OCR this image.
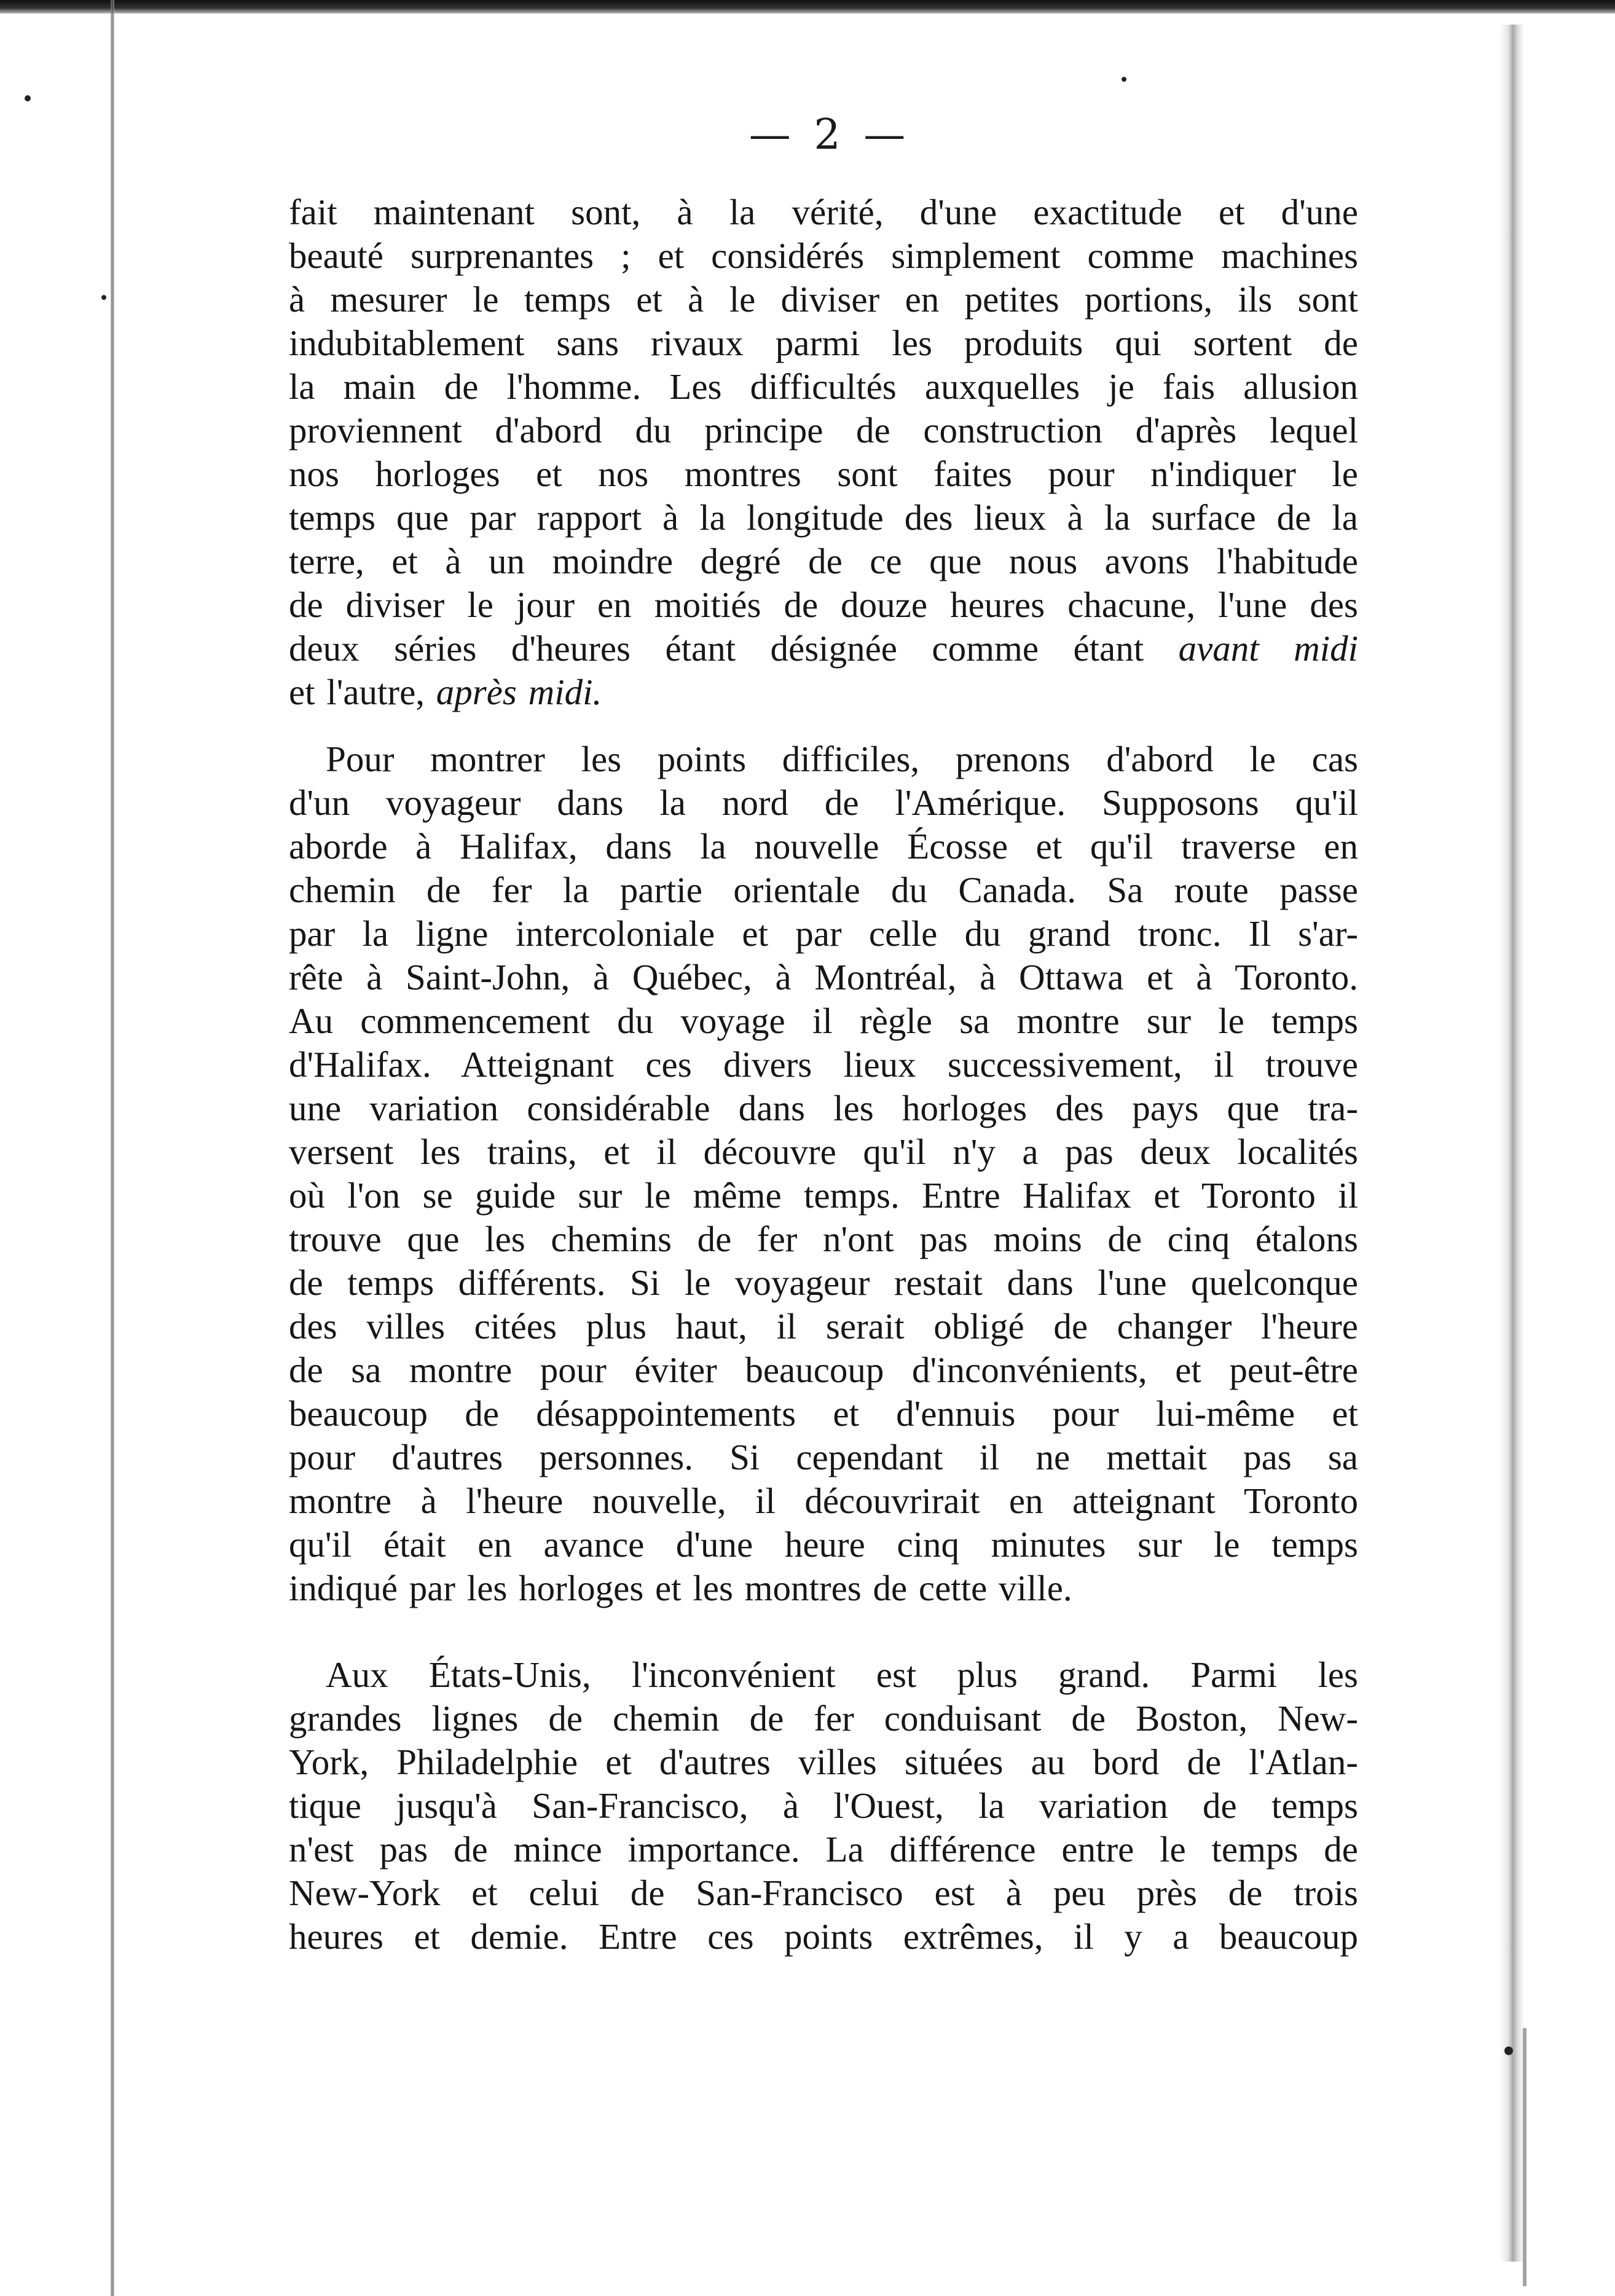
— 2 —
fait maintenant sont, à la vérité, d'une exactitude et d'une
beauté surprenantes ; et considérés simplement comme machines
à mesurer le temps et à le diviser en petites portions, ils sont
indubitablement sans rivaux parmi les produits qui sortent de
la main de l'homme. Les difficultés auxquelles je fais allusion
proviennent d'abord du principe de construction d'après lequel
nos horloges et nos montres sont faites pour n'indiquer le
temps que par rapport à la longitude des lieux à la surface de la
terre, et à un moindre degré de ce que nous avons l'habitude
de diviser le jour en moitiés de douze heures chacune, l'une des
deux séries d'heures étant désignée comme étant avant midi
et l'autre, après midi.
Pour montrer les points difficiles, prenons d'abord le cas
d'un voyageur dans la nord de l'Amérique. Supposons qu'il
aborde à Halifax, dans la nouvelle Écosse et qu'il traverse en
chemin de fer la partie orientale du Canada. Sa route passe
par la ligne intercoloniale et par celle du grand tronc. Il s'ar-
rête à Saint-John, à Québec, à Montréal, à Ottawa et à Toronto.
Au commencement du voyage il règle sa montre sur le temps
d'Halifax. Atteignant ces divers lieux successivement, il trouve
une variation considérable dans les horloges des pays que tra-
versent les trains, et il découvre qu'il n'y a pas deux localités
où l'on se guide sur le même temps. Entre Halifax et Toronto il
trouve que les chemins de fer n'ont pas moins de cinq étalons
de temps différents. Si le voyageur restait dans l'une quelconque
des villes citées plus haut, il serait obligé de changer l'heure
de sa montre pour éviter beaucoup d'inconvénients, et peut-être
beaucoup de désappointements et d'ennuis pour lui-même et
pour d'autres personnes. Si cependant il ne mettait pas sa
montre à l'heure nouvelle, il découvrirait en atteignant Toronto
qu'il était en avance d'une heure cinq minutes sur le temps
indiqué par les horloges et les montres de cette ville.
Aux États-Unis, l'inconvénient est plus grand. Parmi les
grandes lignes de chemin de fer conduisant de Boston, New-
York, Philadelphie et d'autres villes situées au bord de l'Atlan-
tique jusqu'à San-Francisco, à l'Ouest, la variation de temps
n'est pas de mince importance. La différence entre le temps de
New-York et celui de San-Francisco est à peu près de trois
heures et demie. Entre ces points extrêmes, il y a beaucoup
